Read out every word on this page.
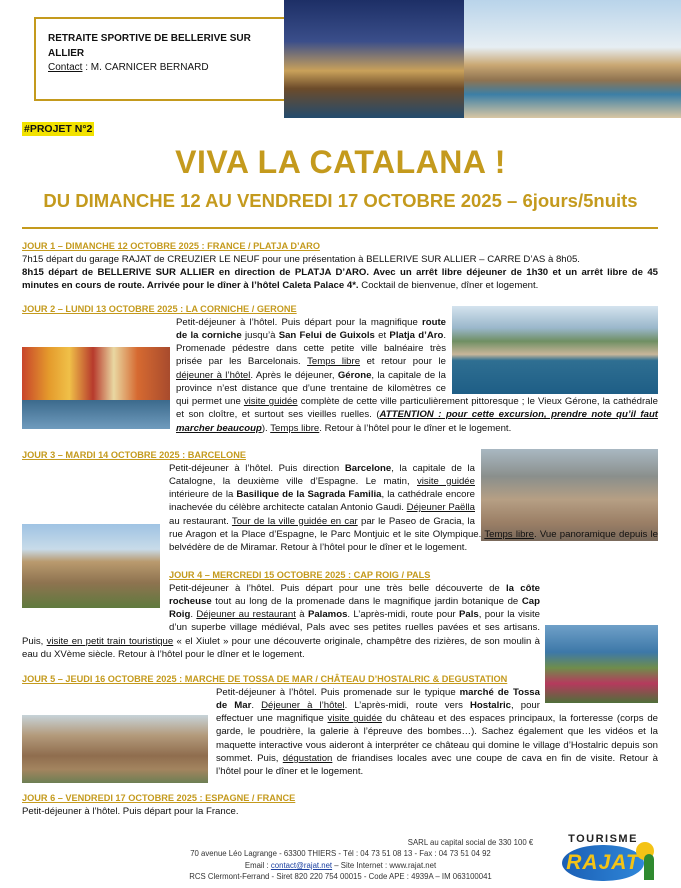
RETRAITE SPORTIVE DE BELLERIVE SUR ALLIER
Contact : M. CARNICER BERNARD
#PROJET N°2
VIVA LA CATALANA !
DU DIMANCHE 12 AU VENDREDI 17 OCTOBRE 2025 – 6jours/5nuits
JOUR 1 – DIMANCHE 12 OCTOBRE 2025 : FRANCE / PLATJA D’ARO
7h15 départ du garage RAJAT de CREUZIER LE NEUF pour une présentation à BELLERIVE SUR ALLIER – CARRE D’AS à 8h05.
8h15 départ de BELLERIVE SUR ALLIER en direction de PLATJA D’ARO. Avec un arrêt libre déjeuner de 1h30 et un arrêt libre de 45 minutes en cours de route. Arrivée pour le dîner à l’hôtel Caleta Palace 4*. Cocktail de bienvenue, dîner et logement.
JOUR 2 – LUNDI 13 OCTOBRE 2025 : LA CORNICHE / GERONE
Petit-déjeuner à l’hôtel. Puis départ pour la magnifique route de la corniche jusqu’à San Felui de Guixols et Platja d’Aro. Promenade pédestre dans cette petite ville balnéaire très prisée par les Barcelonais. Temps libre et retour pour le déjeuner à l’hôtel. Après le déjeuner, Gérone, la capitale de la province n’est distance que d’une trentaine de kilomètres ce qui permet une visite guidée complète de cette ville particulièrement pittoresque ; le Vieux Gérone, la cathédrale et son cloître, et surtout ses vieilles ruelles. (ATTENTION : pour cette excursion, prendre note qu’il faut marcher beaucoup). Temps libre. Retour à l’hôtel pour le dîner et le logement.
JOUR 3 – MARDI 14 OCTOBRE 2025 : BARCELONE
Petit-déjeuner à l’hôtel. Puis direction Barcelone, la capitale de la Catalogne, la deuxième ville d’Espagne. Le matin, visite guidée intérieure de la Basilique de la Sagrada Familia, la cathédrale encore inachevée du célèbre architecte catalan Antonio Gaudi. Déjeuner Paëlla au restaurant. Tour de la ville guidée en car par le Paseo de Gracia, la rue Aragon et la Place d’Espagne, le Parc Montjuic et le site Olympique. Temps libre. Vue panoramique depuis le belvédère de de Miramar. Retour à l’hôtel pour le dîner et le logement.
JOUR 4 – MERCREDI 15 OCTOBRE 2025 : CAP ROIG / PALS
Petit-déjeuner à l’hôtel. Puis départ pour une très belle découverte de la côte rocheuse tout au long de la promenade dans le magnifique jardin botanique de Cap Roig. Déjeuner au restaurant à Palamos. L’après-midi, route pour Pals, pour la visite d’un superbe village médiéval, Pals avec ses petites ruelles pavées et ses artisans. Puis, visite en petit train touristique « el Xiulet » pour une découverte originale, champêtre des rizières, de son moulin à eau du XVème siècle. Retour à l’hôtel pour le dîner et le logement.
JOUR 5 – JEUDI 16 OCTOBRE 2025 : MARCHE DE TOSSA DE MAR / CHÂTEAU D’HOSTALRIC & DEGUSTATION
Petit-déjeuner à l’hôtel. Puis promenade sur le typique marché de Tossa de Mar. Déjeuner à l’hôtel. L’après-midi, route vers Hostalric, pour effectuer une magnifique visite guidée du château et des espaces principaux, la forteresse (corps de garde, le poudrière, la galerie à l’épreuve des bombes…). Sachez également que les vidéos et la maquette interactive vous aideront à interpréter ce château qui domine le village d’Hostalric depuis son sommet. Puis, dégustation de friandises locales avec une coupe de cava en fin de visite. Retour à l’hôtel pour le dîner et le logement.
JOUR 6 – VENDREDI 17 OCTOBRE 2025 : ESPAGNE / FRANCE
Petit-déjeuner à l’hôtel. Puis départ pour la France.
SARL au capital social de 330 100 €
70 avenue Léo Lagrange - 63300 THIERS - Tél : 04 73 51 08 13 - Fax : 04 73 51 04 92
Email : contact@rajat.net – Site Internet : www.rajat.net
RCS Clermont-Ferrand - Siret 820 220 754 00015 - Code APE : 4939A – IM 063100041
TOURISME
RAJAT
